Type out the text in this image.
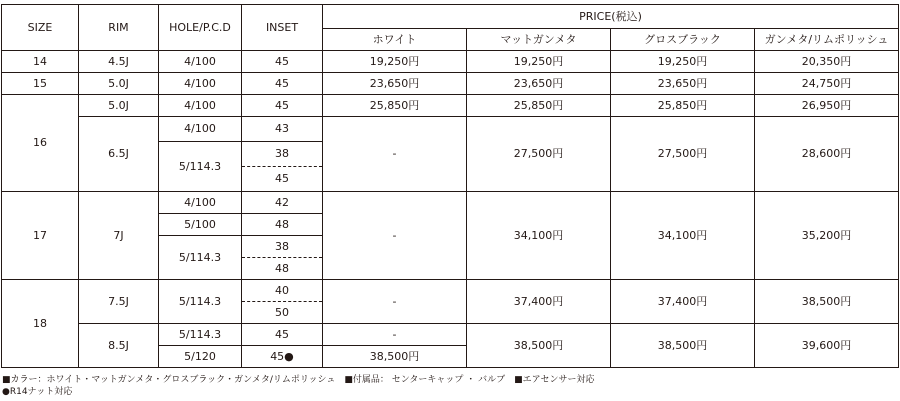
SIZE	RIM	HOLE/P.C.D	INSET	PRICE(税込)			
				ホワイト	マットガンメタ	グロスブラック	ガンメタ/リムポリッシュ
14	4.5J	4/100	45	19,250円	19,250円	19,250円	20,350円
15	5.0J	4/100	45	23,650円	23,650円	23,650円	24,750円
16	5.0J	4/100	45	25,850円	25,850円	25,850円	26,950円
	6.5J	4/100	43	-	27,500円	27,500円	28,600円
		5/114.3	38				
			45				
17	7J	4/100	42	-	34,100円	34,100円	35,200円
		5/100	48				
		5/114.3	38				
			48				
18	7.5J	5/114.3	40	-	37,400円	37,400円	38,500円
			50				
	8.5J	5/114.3	45	-	38,500円	38,500円	39,600円
		5/120	45●	38,500円			
■カラー：ホワイト・マットガンメタ・グロスブラック・ガンメタ/リムポリッシュ　■付属品： センターキャップ ・ バルブ　■エアセンサー対応
●R14ナット対応
